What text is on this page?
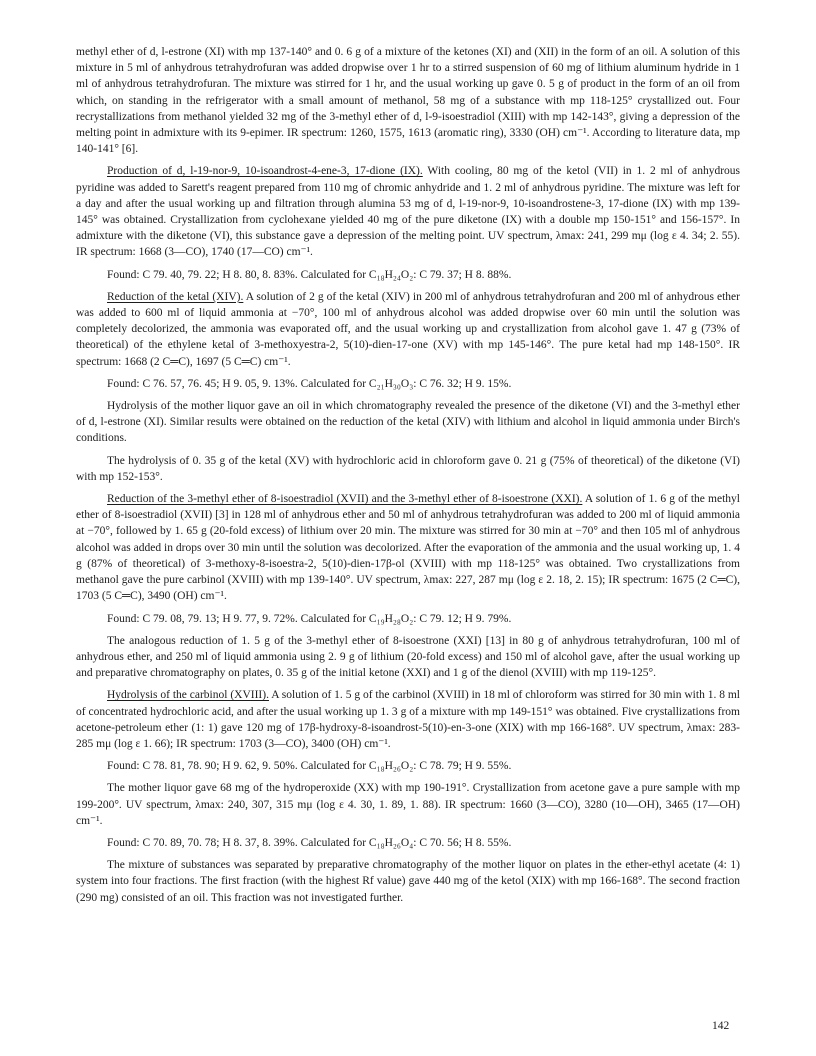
methyl ether of d, l-estrone (XI) with mp 137-140° and 0. 6 g of a mixture of the ketones (XI) and (XII) in the form of an oil. A solution of this mixture in 5 ml of anhydrous tetrahydrofuran was added dropwise over 1 hr to a stirred suspension of 60 mg of lithium aluminum hydride in 1 ml of anhydrous tetrahydrofuran. The mixture was stirred for 1 hr, and the usual working up gave 0. 5 g of product in the form of an oil from which, on standing in the refrigerator with a small amount of methanol, 58 mg of a substance with mp 118-125° crystallized out. Four recrystallizations from methanol yielded 32 mg of the 3-methyl ether of d, l-9-isoestradiol (XIII) with mp 142-143°, giving a depression of the melting point in admixture with its 9-epimer. IR spectrum: 1260, 1575, 1613 (aromatic ring), 3330 (OH) cm⁻¹. According to literature data, mp 140-141° [6].

Production of d, l-19-nor-9, 10-isoandrost-4-ene-3, 17-dione (IX). With cooling, 80 mg of the ketol (VII) in 1. 2 ml of anhydrous pyridine was added to Sarett's reagent prepared from 110 mg of chromic anhydride and 1. 2 ml of anhydrous pyridine. The mixture was left for a day and after the usual working up and filtration through alumina 53 mg of d, l-19-nor-9, 10-isoandrostene-3, 17-dione (IX) with mp 139-145° was obtained. Crystallization from cyclohexane yielded 40 mg of the pure diketone (IX) with a double mp 150-151° and 156-157°. In admixture with the diketone (VI), this substance gave a depression of the melting point. UV spectrum, λmax: 241, 299 mμ (log ε 4. 34; 2. 55). IR spectrum: 1668 (3—CO), 1740 (17—CO) cm⁻¹.

Found: C 79. 40, 79. 22; H 8. 80, 8. 83%. Calculated for C₁₈H₂₄O₂: C 79. 37; H 8. 88%.

Reduction of the ketal (XIV). A solution of 2 g of the ketal (XIV) in 200 ml of anhydrous tetrahydrofuran and 200 ml of anhydrous ether was added to 600 ml of liquid ammonia at −70°, 100 ml of anhydrous alcohol was added dropwise over 60 min until the solution was completely decolorized, the ammonia was evaporated off, and the usual working up and crystallization from alcohol gave 1. 47 g (73% of theoretical) of the ethylene ketal of 3-methoxyestra-2, 5(10)-dien-17-one (XV) with mp 145-146°. The pure ketal had mp 148-150°. IR spectrum: 1668 (2 C═C), 1697 (5 C═C) cm⁻¹.

Found: C 76. 57, 76. 45; H 9. 05, 9. 13%. Calculated for C₂₁H₃₀O₃: C 76. 32; H 9. 15%.

Hydrolysis of the mother liquor gave an oil in which chromatography revealed the presence of the diketone (VI) and the 3-methyl ether of d, l-estrone (XI). Similar results were obtained on the reduction of the ketal (XIV) with lithium and alcohol in liquid ammonia under Birch's conditions.

The hydrolysis of 0. 35 g of the ketal (XV) with hydrochloric acid in chloroform gave 0. 21 g (75% of theoretical) of the diketone (VI) with mp 152-153°.

Reduction of the 3-methyl ether of 8-isoestradiol (XVII) and the 3-methyl ether of 8-isoestrone (XXI). A solution of 1. 6 g of the methyl ether of 8-isoestradiol (XVII) [3] in 128 ml of anhydrous ether and 50 ml of anhydrous tetrahydrofuran was added to 200 ml of liquid ammonia at −70°, followed by 1. 65 g (20-fold excess) of lithium over 20 min. The mixture was stirred for 30 min at −70° and then 105 ml of anhydrous alcohol was added in drops over 30 min until the solution was decolorized. After the evaporation of the ammonia and the usual working up, 1. 4 g (87% of theoretical) of 3-methoxy-8-isoestra-2, 5(10)-dien-17β-ol (XVIII) with mp 118-125° was obtained. Two crystallizations from methanol gave the pure carbinol (XVIII) with mp 139-140°. UV spectrum, λmax: 227, 287 mμ (log ε 2. 18, 2. 15); IR spectrum: 1675 (2 C═C), 1703 (5 C═C), 3490 (OH) cm⁻¹.

Found: C 79. 08, 79. 13; H 9. 77, 9. 72%. Calculated for C₁₉H₂₈O₂: C 79. 12; H 9. 79%.

The analogous reduction of 1. 5 g of the 3-methyl ether of 8-isoestrone (XXI) [13] in 80 g of anhydrous tetrahydrofuran, 100 ml of anhydrous ether, and 250 ml of liquid ammonia using 2. 9 g of lithium (20-fold excess) and 150 ml of alcohol gave, after the usual working up and preparative chromatography on plates, 0. 35 g of the initial ketone (XXI) and 1 g of the dienol (XVIII) with mp 119-125°.

Hydrolysis of the carbinol (XVIII). A solution of 1. 5 g of the carbinol (XVIII) in 18 ml of chloroform was stirred for 30 min with 1. 8 ml of concentrated hydrochloric acid, and after the usual working up 1. 3 g of a mixture with mp 149-151° was obtained. Five crystallizations from acetone-petroleum ether (1: 1) gave 120 mg of 17β-hydroxy-8-isoandrost-5(10)-en-3-one (XIX) with mp 166-168°. UV spectrum, λmax: 283-285 mμ (log ε 1. 66); IR spectrum: 1703 (3—CO), 3400 (OH) cm⁻¹.

Found: C 78. 81, 78. 90; H 9. 62, 9. 50%. Calculated for C₁₈H₂₆O₂: C 78. 79; H 9. 55%.

The mother liquor gave 68 mg of the hydroperoxide (XX) with mp 190-191°. Crystallization from acetone gave a pure sample with mp 199-200°. UV spectrum, λmax: 240, 307, 315 mμ (log ε 4. 30, 1. 89, 1. 88). IR spectrum: 1660 (3—CO), 3280 (10—OH), 3465 (17—OH) cm⁻¹.

Found: C 70. 89, 70. 78; H 8. 37, 8. 39%. Calculated for C₁₈H₂₆O₄: C 70. 56; H 8. 55%.

The mixture of substances was separated by preparative chromatography of the mother liquor on plates in the ether-ethyl acetate (4: 1) system into four fractions. The first fraction (with the highest Rf value) gave 440 mg of the ketol (XIX) with mp 166-168°. The second fraction (290 mg) consisted of an oil. This fraction was not investigated further.

142
